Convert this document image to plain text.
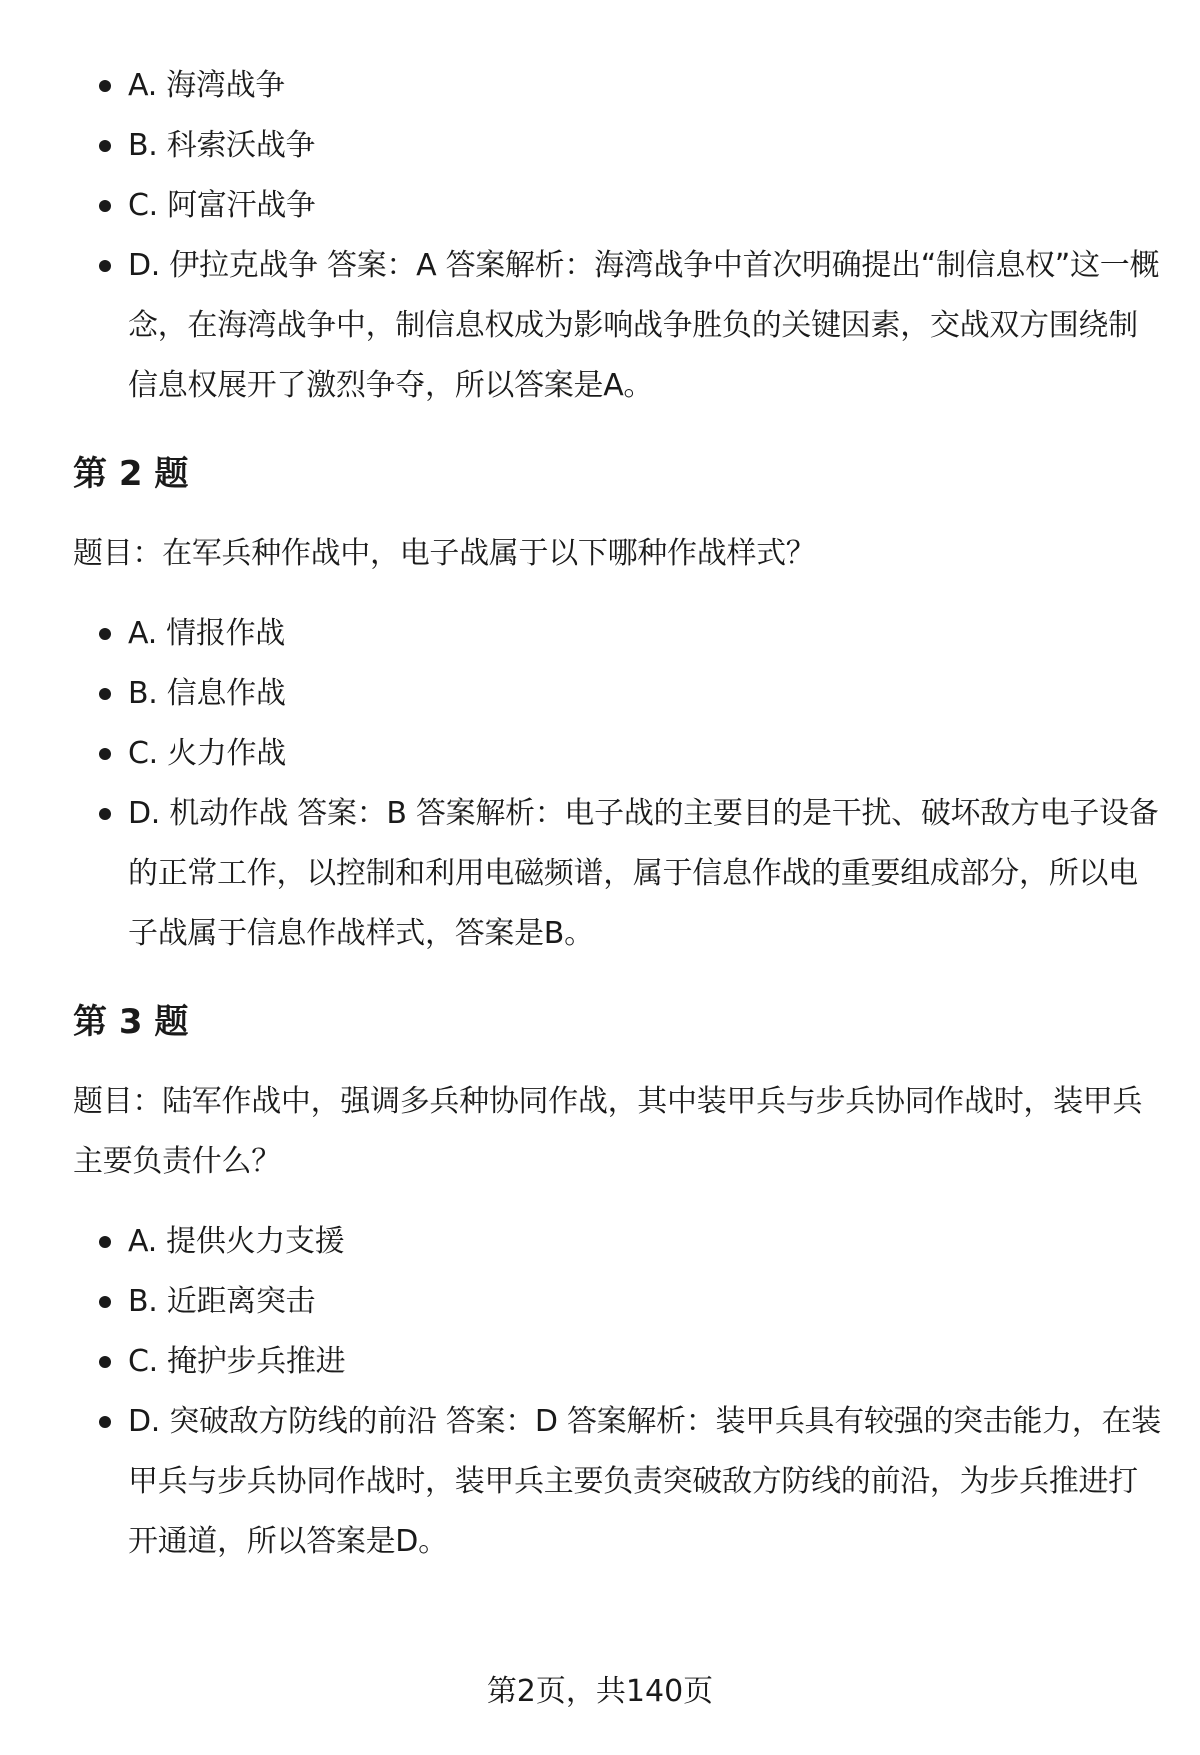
A. 海湾战争
B. 科索沃战争
C. 阿富汗战争
D. 伊拉克战争 答案：A 答案解析：海湾战争中首次明确提出“制信息权”这一概念，在海湾战争中，制信息权成为影响战争胜负的关键因素，交战双方围绕制信息权展开了激烈争夺，所以答案是A。
第 2 题

题目：在军兵种作战中，电子战属于以下哪种作战样式？

A. 情报作战
B. 信息作战
C. 火力作战
D. 机动作战 答案：B 答案解析：电子战的主要目的是干扰、破坏敌方电子设备的正常工作，以控制和利用电磁频谱，属于信息作战的重要组成部分，所以电子战属于信息作战样式，答案是B。
第 3 题

题目：陆军作战中，强调多兵种协同作战，其中装甲兵与步兵协同作战时，装甲兵主要负责什么？

A. 提供火力支援
B. 近距离突击
C. 掩护步兵推进
D. 突破敌方防线的前沿 答案：D 答案解析：装甲兵具有较强的突击能力，在装甲兵与步兵协同作战时，装甲兵主要负责突破敌方防线的前沿，为步兵推进打开通道，所以答案是D。
第2页，共140页
